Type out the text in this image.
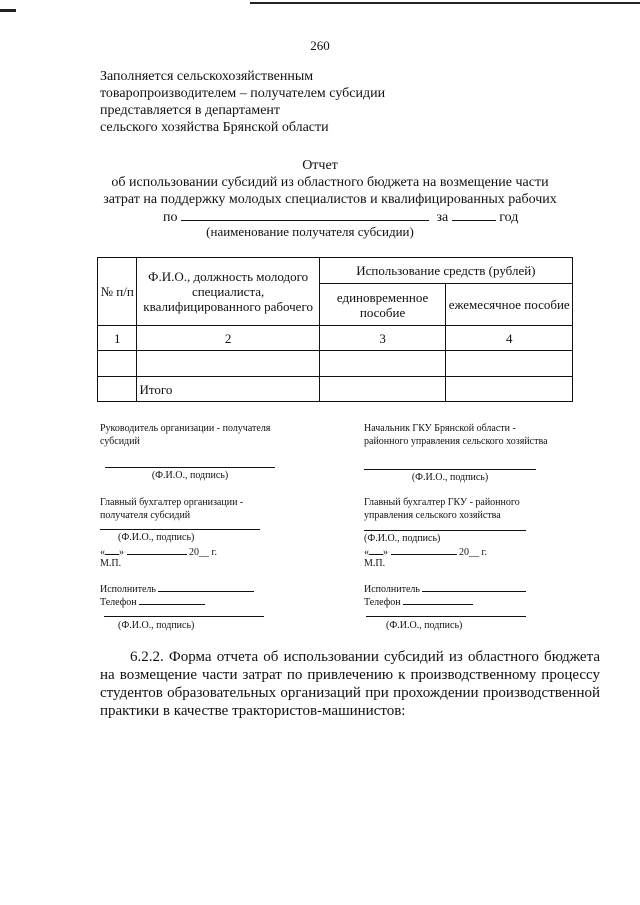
260
Заполняется сельскохозяйственным
товаропроизводителем – получателем субсидии
представляется в департамент
сельского хозяйства Брянской области
Отчет
об использовании субсидий из областного бюджета на возмещение части
затрат на поддержку молодых специалистов и квалифицированных рабочих
по	за	год
(наименование получателя субсидии)
№ п/п	Ф.И.О., должность молодого специалиста, квалифицированного рабочего	Использование средств (рублей)	
		единовременное пособие	ежемесячное пособие
1	2	3	4

	Итого		
Руководитель организации - получателя субсидий
(Ф.И.О., подпись)
Главный бухгалтер организации - получателя субсидий
(Ф.И.О., подпись)
« »	20__ г.
М.П.
Исполнитель
Телефон
(Ф.И.О., подпись)
Начальник ГКУ Брянской области - районного управления сельского хозяйства
(Ф.И.О., подпись)
Главный бухгалтер ГКУ - районного управления сельского хозяйства
(Ф.И.О., подпись)
« »	20__ г.
М.П.
Исполнитель
Телефон
(Ф.И.О., подпись)
6.2.2. Форма отчета об использовании субсидий из областного бюджета на возмещение части затрат по привлечению к производственному процессу студентов образовательных организаций при прохождении производственной практики в качестве трактористов-машинистов:
